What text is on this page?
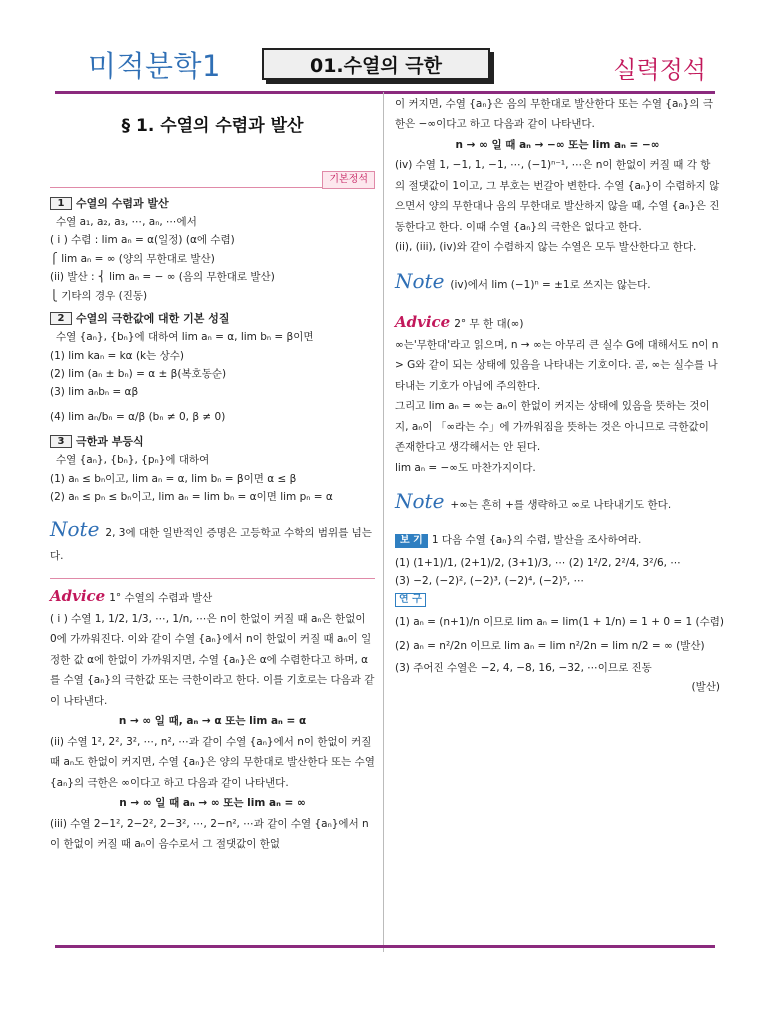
미적분학1	01.수열의 극한	실력정석
§ 1. 수열의 수렴과 발산
기본정석
1 수열의 수렴과 발산
수열 a₁, a₂, a₃, ⋯, aₙ, ⋯에서
( i ) 수렴 : lim aₙ = α(일정) (α에 수렴)
⎧ lim aₙ = ∞ (양의 무한대로 발산)
(ii) 발산 : ⎨ lim aₙ = − ∞ (음의 무한대로 발산)
⎩ 기타의 경우 (진동)
2 수열의 극한값에 대한 기본 성질
수열 {aₙ}, {bₙ}에 대하여 lim aₙ = α, lim bₙ = β이면
(1) lim kaₙ = kα (k는 상수)
(2) lim (aₙ ± bₙ) = α ± β(복호동순)
(3) lim aₙbₙ = αβ
(4) lim aₙ/bₙ = α/β (bₙ ≠ 0, β ≠ 0)
3 극한과 부등식
수열 {aₙ}, {bₙ}, {pₙ}에 대하여
(1) aₙ ≤ bₙ이고, lim aₙ = α, lim bₙ = β이면 α ≤ β
(2) aₙ ≤ pₙ ≤ bₙ이고, lim aₙ = lim bₙ = α이면 lim pₙ = α
Note 2, 3에 대한 일반적인 증명은 고등학교 수학의 범위를 넘는다.
Advice 1° 수열의 수렴과 발산
( i ) 수열 1, 1/2, 1/3, ⋯, 1/n, ⋯은 n이 한없이 커질 때 aₙ은 한없이 0에 가까워진다. 이와 같이 수열 {aₙ}에서 n이 한없이 커질 때 aₙ이 일정한 값 α에 한없이 가까워지면, 수열 {aₙ}은 α에 수렴한다고 하며, α를 수열 {aₙ}의 극한값 또는 극한이라고 한다. 이를 기호로는 다음과 같이 나타낸다.
n → ∞ 일 때, aₙ → α 또는 lim aₙ = α
(ii) 수열 1², 2², 3², ⋯, n², ⋯과 같이 수열 {aₙ}에서 n이 한없이 커질 때 aₙ도 한없이 커지면, 수열 {aₙ}은 양의 무한대로 발산한다 또는 수열 {aₙ}의 극한은 ∞이다고 하고 다음과 같이 나타낸다.
n → ∞ 일 때 aₙ → ∞ 또는 lim aₙ = ∞
(iii) 수열 2−1², 2−2², 2−3², ⋯, 2−n², ⋯과 같이 수열 {aₙ}에서 n이 한없이 커질 때 aₙ이 음수로서 그 절댓값이 한없
이 커지면, 수열 {aₙ}은 음의 무한대로 발산한다 또는 수열 {aₙ}의 극한은 −∞이다고 하고 다음과 같이 나타낸다.
n → ∞ 일 때 aₙ → −∞ 또는 lim aₙ = −∞
(iv) 수열 1, −1, 1, −1, ⋯, (−1)ⁿ⁻¹, ⋯은 n이 한없이 커질 때 각 항의 절댓값이 1이고, 그 부호는 번갈아 변한다. 수열 {aₙ}이 수렴하지 않으면서 양의 무한대나 음의 무한대로 발산하지 않을 때, 수열 {aₙ}은 진동한다고 한다. 이때 수열 {aₙ}의 극한은 없다고 한다.
(ii), (iii), (iv)와 같이 수렴하지 않는 수열은 모두 발산한다고 한다.
Note (iv)에서 lim (−1)ⁿ = ±1로 쓰지는 않는다.
Advice 2° 무 한 대(∞)
∞는'무한대'라고 읽으며, n → ∞는 아무리 큰 실수 G에 대해서도 n이 n > G와 같이 되는 상태에 있음을 나타내는 기호이다. 곧, ∞는 실수를 나타내는 기호가 아님에 주의한다.
그리고 lim aₙ = ∞는 aₙ이 한없이 커지는 상태에 있음을 뜻하는 것이지, aₙ이 「∞라는 수」에 가까워짐을 뜻하는 것은 아니므로 극한값이 존재한다고 생각해서는 안 된다.
lim aₙ = −∞도 마찬가지이다.
Note +∞는 흔히 +를 생략하고 ∞로 나타내기도 한다.
보 기 1 다음 수열 {aₙ}의 수렴, 발산을 조사하여라.
(1) (1+1)/1, (2+1)/2, (3+1)/3, ⋯ (2) 1²/2, 2²/4, 3²/6, ⋯
(3) −2, (−2)², (−2)³, (−2)⁴, (−2)⁵, ⋯
연 구
(1) aₙ = (n+1)/n 이므로 lim aₙ = lim(1 + 1/n) = 1 + 0 = 1 (수렴)
(2) aₙ = n²/2n 이므로 lim aₙ = lim n²/2n = lim n/2 = ∞ (발산)
(3) 주어진 수열은 −2, 4, −8, 16, −32, ⋯이므로 진동
(발산)
